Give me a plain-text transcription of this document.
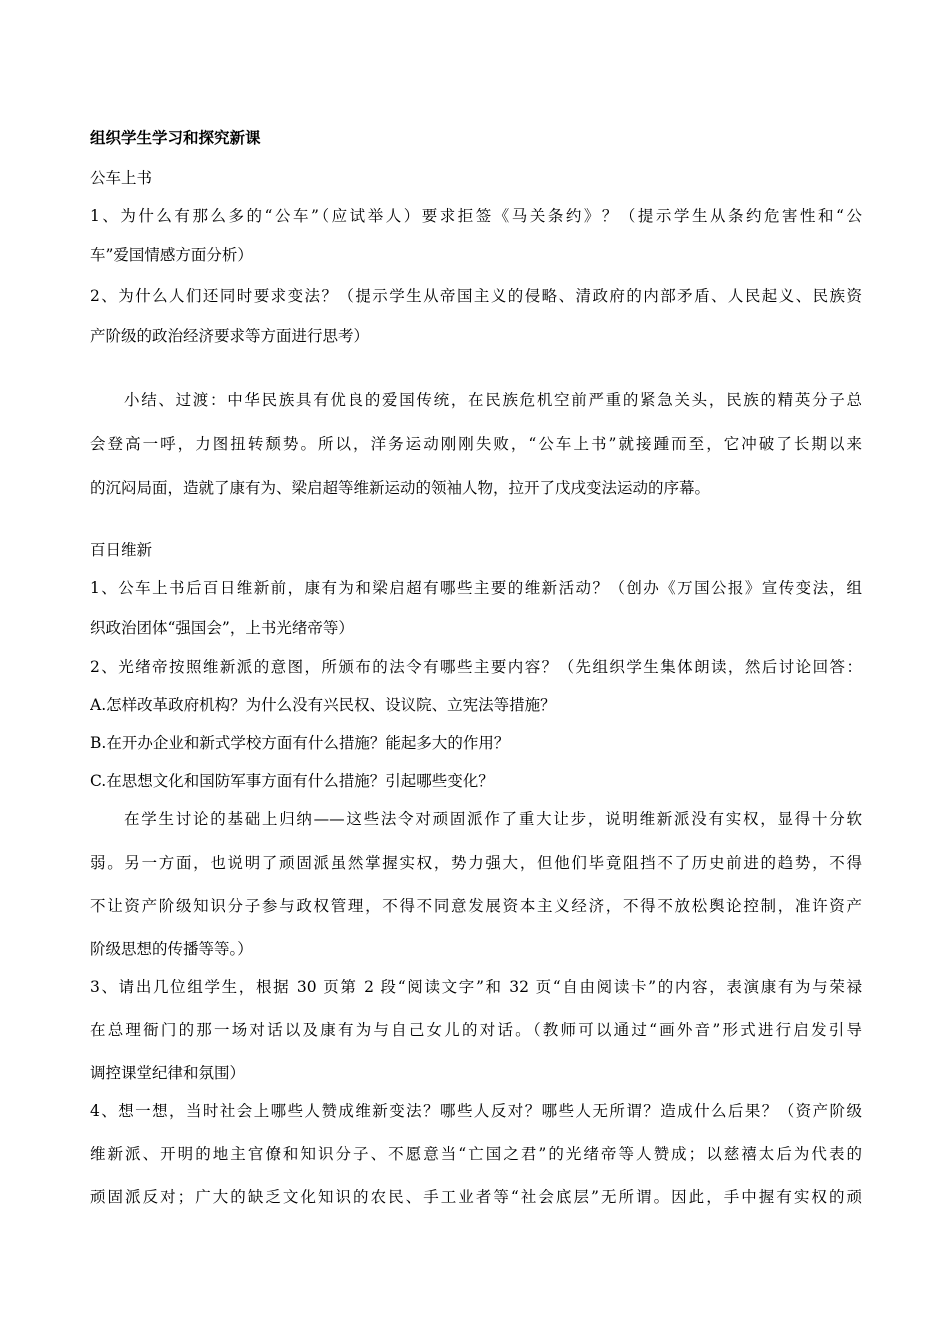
组织学生学习和探究新课
公车上书
1、为什么有那么多的“公车”（应试举人）要求拒签《马关条约》？（提示学生从条约危害性和“公
车”爱国情感方面分析）
2、为什么人们还同时要求变法？（提示学生从帝国主义的侵略、清政府的内部矛盾、人民起义、民族资
产阶级的政治经济要求等方面进行思考）
小结、过渡：中华民族具有优良的爱国传统，在民族危机空前严重的紧急关头，民族的精英分子总
会登高一呼，力图扭转颓势。所以，洋务运动刚刚失败，“公车上书”就接踵而至，它冲破了长期以来
的沉闷局面，造就了康有为、梁启超等维新运动的领袖人物，拉开了戊戌变法运动的序幕。
百日维新
1、公车上书后百日维新前，康有为和梁启超有哪些主要的维新活动？（创办《万国公报》宣传变法，组
织政治团体“强国会”，上书光绪帝等）
2、光绪帝按照维新派的意图，所颁布的法令有哪些主要内容？（先组织学生集体朗读，然后讨论回答：
A.怎样改革政府机构？为什么没有兴民权、设议院、立宪法等措施？
B.在开办企业和新式学校方面有什么措施？能起多大的作用？
C.在思想文化和国防军事方面有什么措施？引起哪些变化？
在学生讨论的基础上归纳——这些法令对顽固派作了重大让步，说明维新派没有实权，显得十分软
弱。另一方面，也说明了顽固派虽然掌握实权，势力强大，但他们毕竟阻挡不了历史前进的趋势，不得
不让资产阶级知识分子参与政权管理，不得不同意发展资本主义经济，不得不放松舆论控制，准许资产
阶级思想的传播等等。）
3、请出几位组学生，根据 30 页第 2 段“阅读文字”和 32 页“自由阅读卡”的内容，表演康有为与荣禄
在总理衙门的那一场对话以及康有为与自己女儿的对话。（教师可以通过“画外音”形式进行启发引导
调控课堂纪律和氛围）
4、想一想，当时社会上哪些人赞成维新变法？哪些人反对？哪些人无所谓？造成什么后果？（资产阶级
维新派、开明的地主官僚和知识分子、不愿意当“亡国之君”的光绪帝等人赞成；以慈禧太后为代表的
顽固派反对；广大的缺乏文化知识的农民、手工业者等“社会底层”无所谓。因此，手中握有实权的顽
